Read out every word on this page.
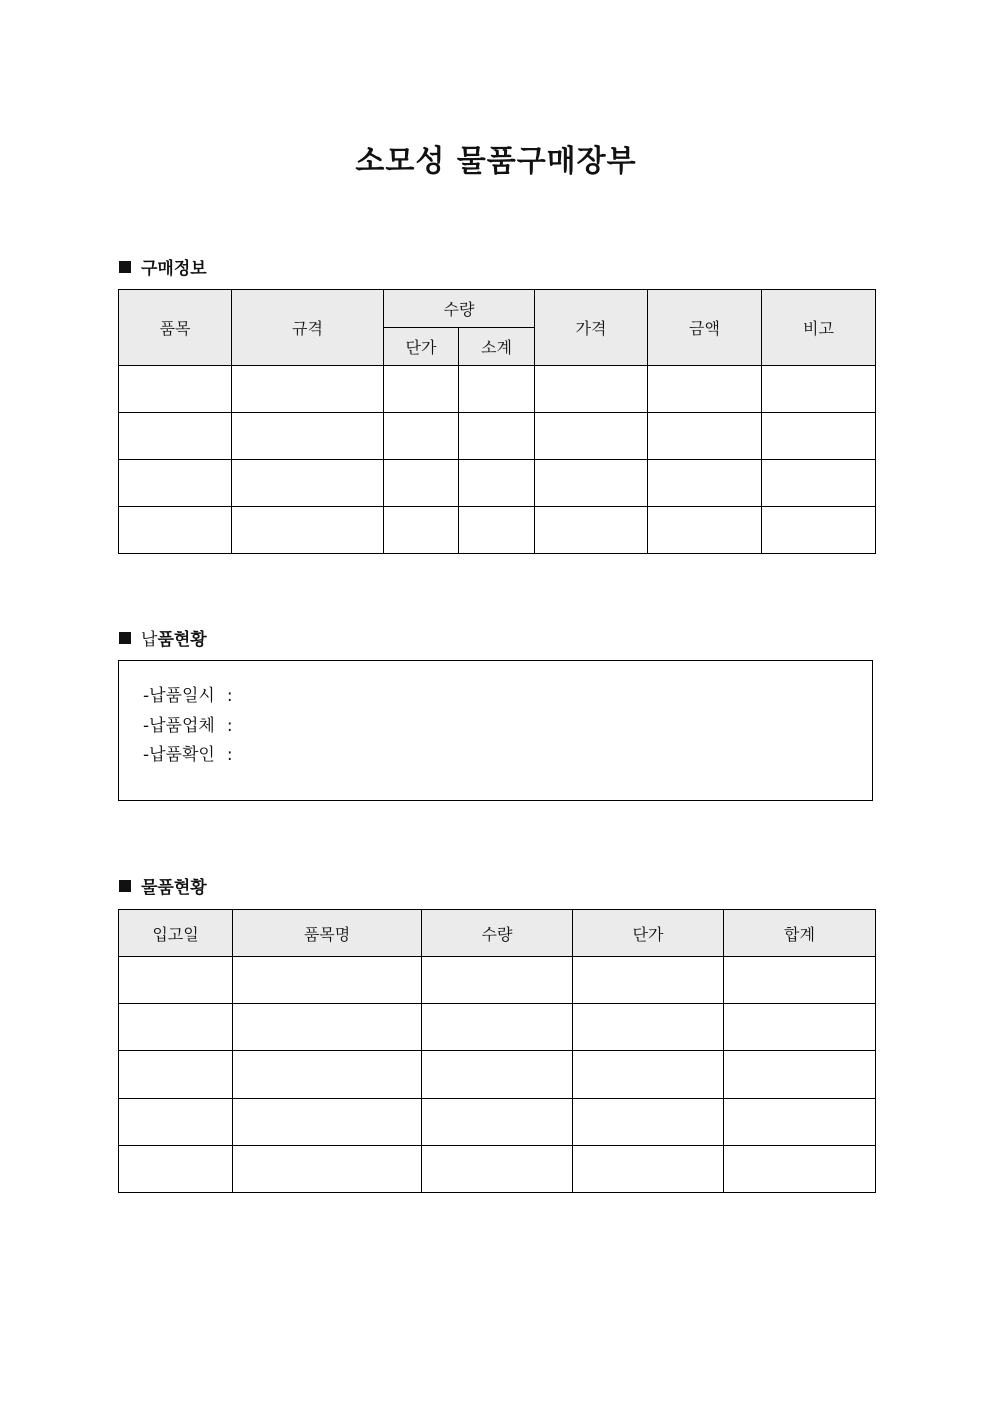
소모성 물품구매장부
구매정보
품목	규격	수량		가격	금액	비고
		단가	소계			

납 품현황
-납품일시 :
-납품업체 :
-납품확인 :
물품현황
입고일	품목명	수량	단가	합계
